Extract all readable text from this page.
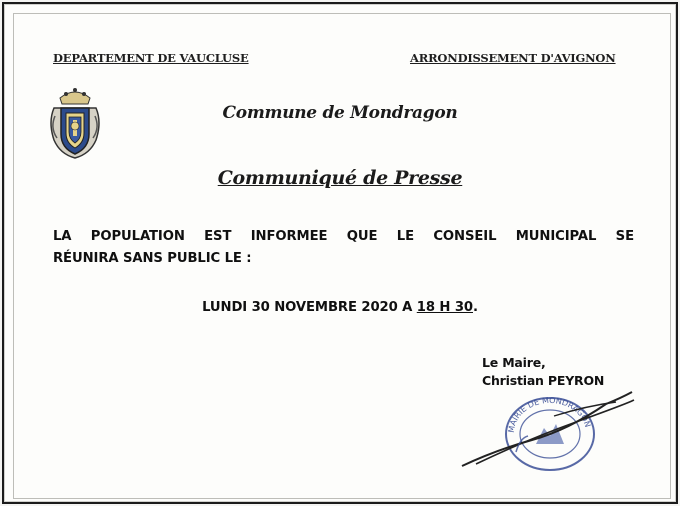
DEPARTEMENT DE VAUCLUSE	ARRONDISSEMENT D'AVIGNON
Commune de Mondragon
Communiqué de Presse
LA POPULATION EST INFORMEE QUE LE CONSEIL MUNICIPAL SE
RÉUNIRA SANS PUBLIC LE :
LUNDI 30 NOVEMBRE 2020 A 18 H 30.
Le Maire,
Christian PEYRON
MAIRIE DE MONDRAGON
